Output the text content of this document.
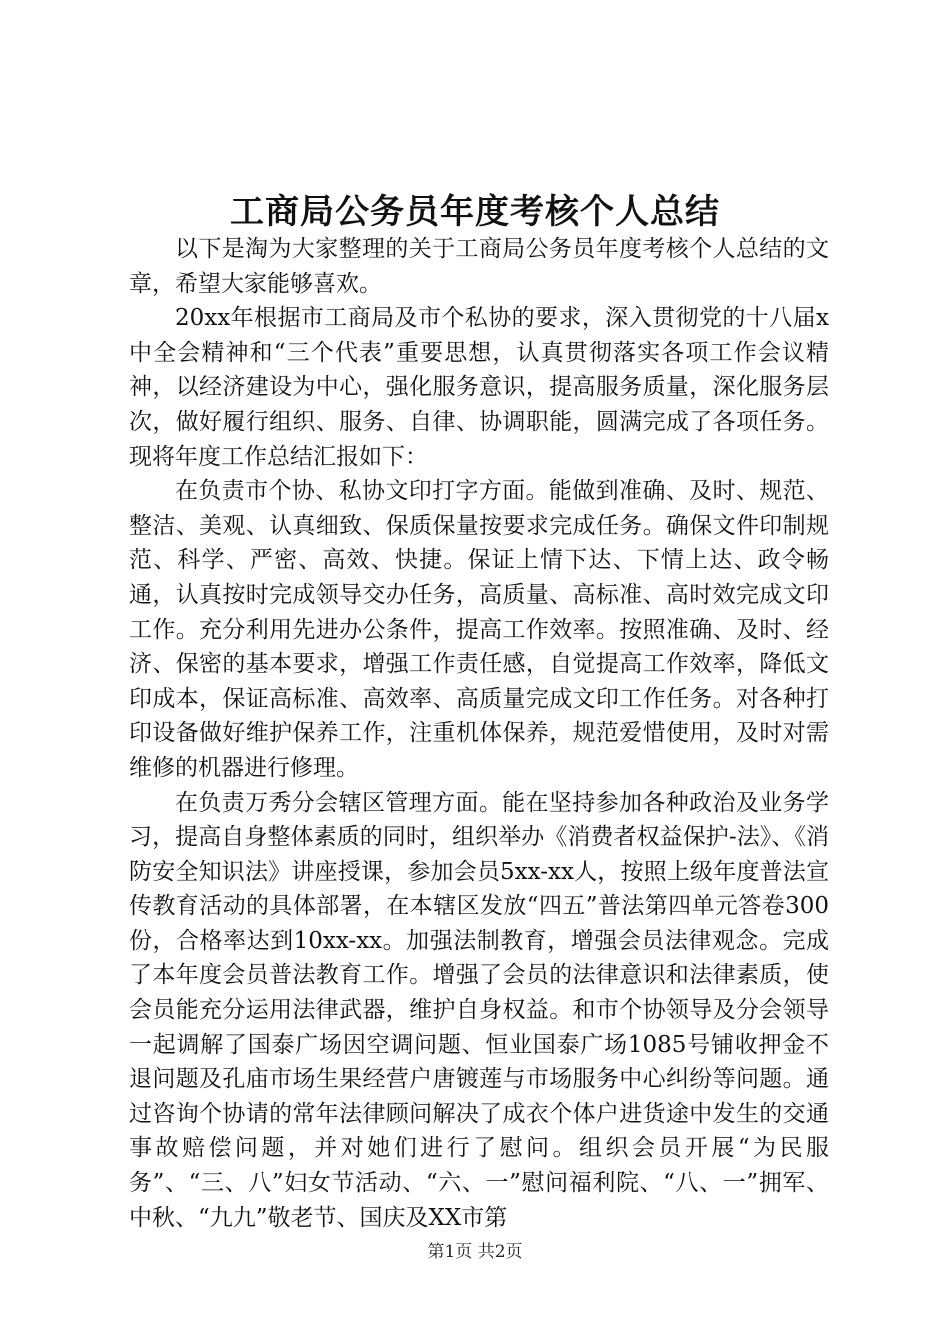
工商局公务员年度考核个人总结

以下是淘为大家整理的关于工商局公务员年度考核个人总结的文章，希望大家能够喜欢。

20xx年根据市工商局及市个私协的要求，深入贯彻党的十八届x中全会精神和“三个代表”重要思想，认真贯彻落实各项工作会议精神，以经济建设为中心，强化服务意识，提高服务质量，深化服务层次，做好履行组织、服务、自律、协调职能，圆满完成了各项任务。现将年度工作总结汇报如下：

在负责市个协、私协文印打字方面。能做到准确、及时、规范、整洁、美观、认真细致、保质保量按要求完成任务。确保文件印制规范、科学、严密、高效、快捷。保证上情下达、下情上达、政令畅通，认真按时完成领导交办任务，高质量、高标准、高时效完成文印工作。充分利用先进办公条件，提高工作效率。按照准确、及时、经济、保密的基本要求，增强工作责任感，自觉提高工作效率，降低文印成本，保证高标准、高效率、高质量完成文印工作任务。对各种打印设备做好维护保养工作，注重机体保养，规范爱惜使用，及时对需维修的机器进行修理。

在负责万秀分会辖区管理方面。能在坚持参加各种政治及业务学习，提高自身整体素质的同时，组织举办《消费者权益保护-法》、《消防安全知识法》讲座授课，参加会员5xx-xx人，按照上级年度普法宣传教育活动的具体部署，在本辖区发放“四五”普法第四单元答卷300份，合格率达到10xx-xx。加强法制教育，增强会员法律观念。完成了本年度会员普法教育工作。增强了会员的法律意识和法律素质，使会员能充分运用法律武器，维护自身权益。和市个协领导及分会领导一起调解了国泰广场因空调问题、恒业国泰广场1085号铺收押金不退问题及孔庙市场生果经营户唐镀莲与市场服务中心纠纷等问题。通过咨询个协请的常年法律顾问解决了成衣个体户进货途中发生的交通事故赔偿问题，并对她们进行了慰问。组织会员开展“为民服务”、“三、八”妇女节活动、“六、一”慰问福利院、“八、一”拥军、中秋、“九九”敬老节、国庆及XX市第

第1页 共2页
